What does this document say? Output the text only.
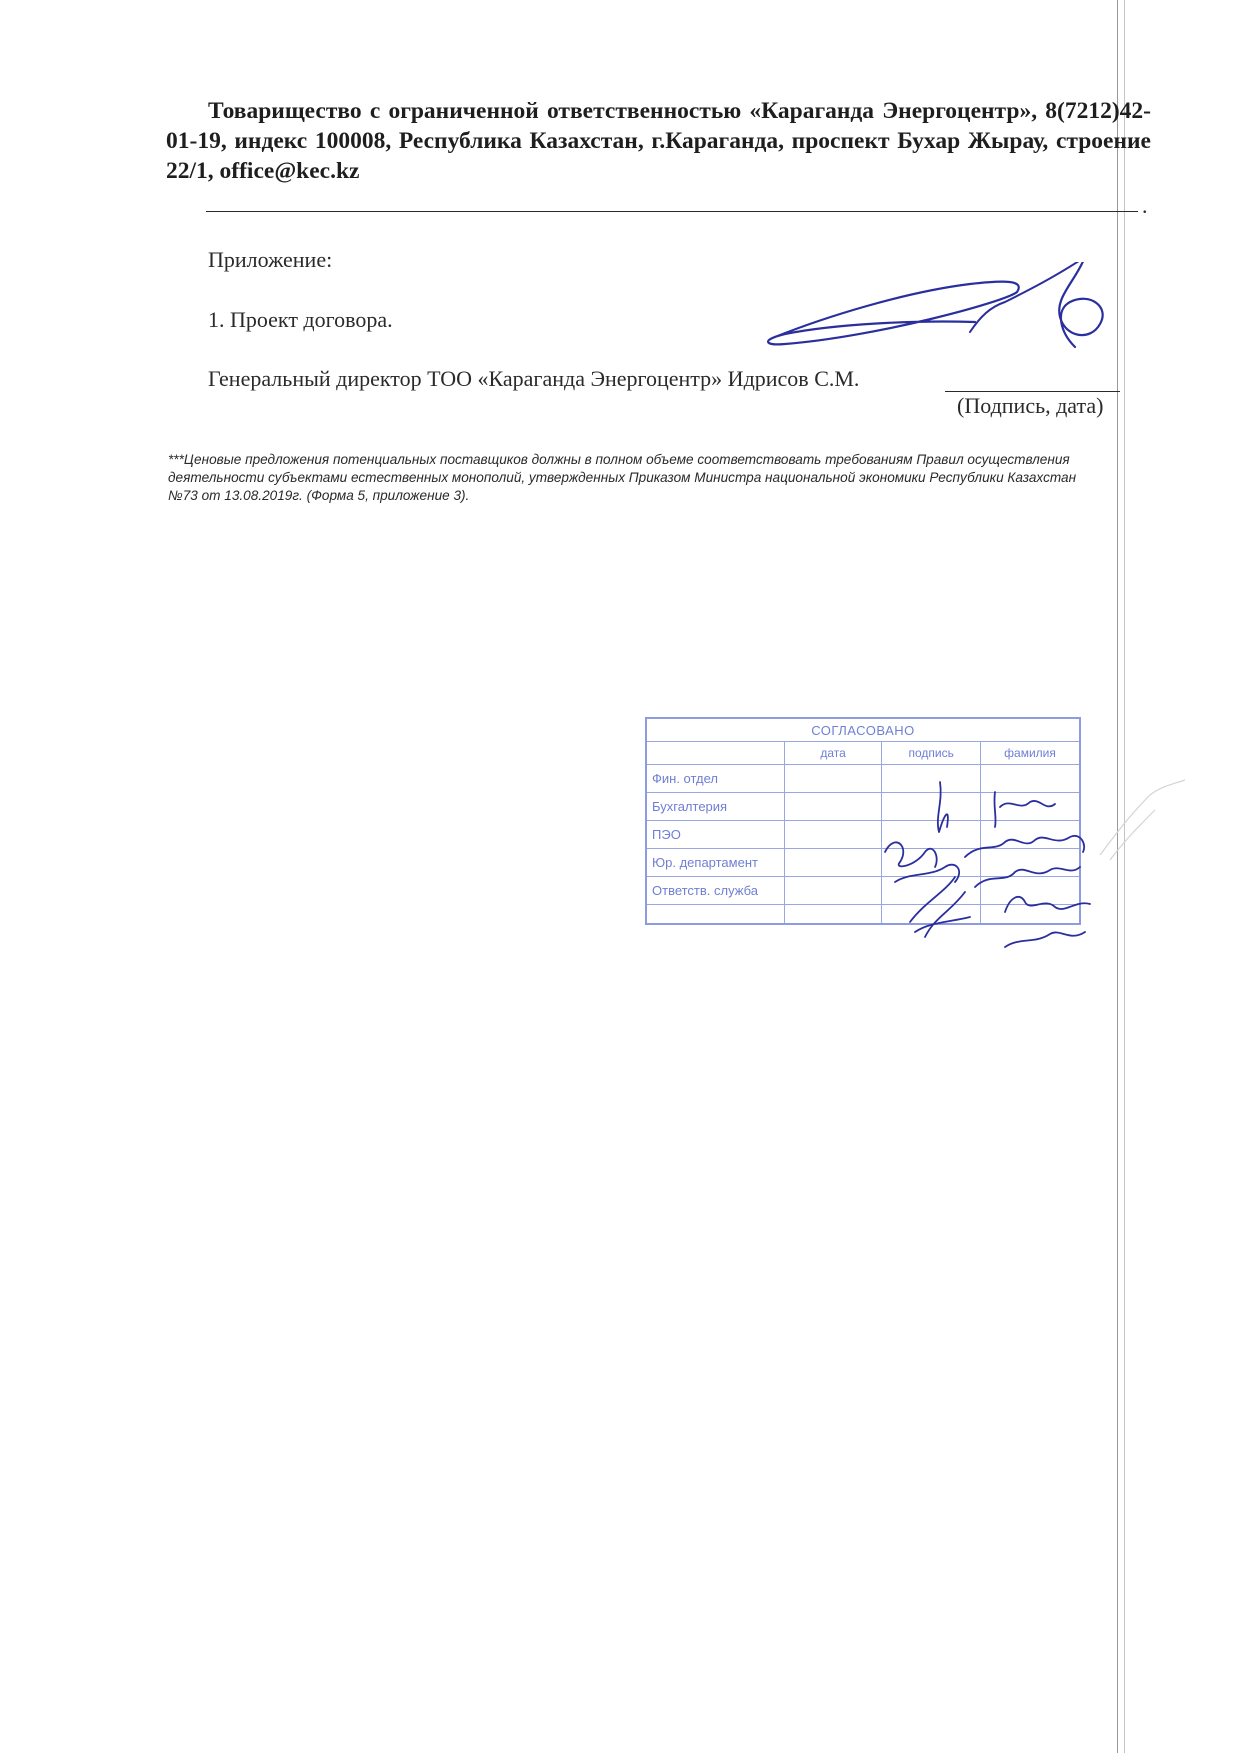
Товарищество с ограниченной ответственностью «Караганда Энергоцентр», 8(7212)42-01-19, индекс 100008, Республика Казахстан, г.Караганда, проспект Бухар Жырау, строение 22/1, office@kec.kz
.
Приложение:
1. Проект договора.
Генеральный директор ТОО «Караганда Энергоцентр» Идрисов С.М.
(Подпись, дата)
***Ценовые предложения потенциальных поставщиков должны в полном объеме соответствовать требованиям Правил осуществления деятельности субъектами естественных монополий, утвержденных Приказом Министра национальной экономики Республики Казахстан №73 от 13.08.2019г. (Форма 5, приложение 3).
СОГЛАСОВАНО			
	дата	подпись	фамилия
Фин. отдел			
Бухгалтерия			
ПЭО			
Юр. департамент			
Ответств. служба			
